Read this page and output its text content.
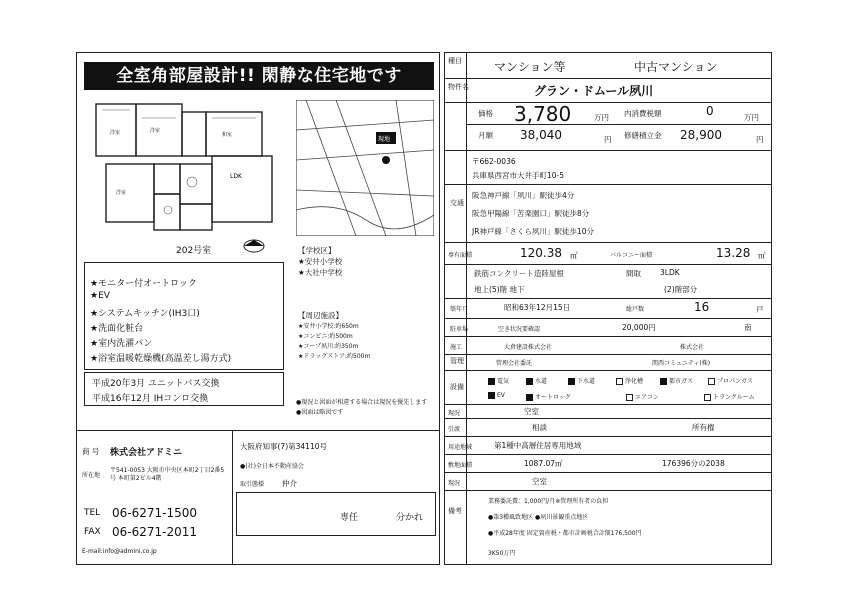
全室角部屋設計!! 閑静な住宅地です
LDK
洋室	洋室
和室
洋室
202号室
現地
【学校区】
★安井小学校
★大社中学校
【周辺施設】
★安井小学校:約650m
★コンビニ:約500m
★コープ夙川:約350m
★ドラッグストア:約500m
★モニター付オートロック
★EV
★システムキッチン(IH3口)
★洗面化粧台
★室内洗濯パン
★浴室温暖乾燥機(高温差し湯方式)
平成20年3月 ユニットバス交換
平成16年12月 IHコンロ交換	●現況と図面が相違する場合は現況を優先します
●図面は略図です
商 号 株式会社アドミニ
所在地
〒541-0053 大阪市中央区本町2丁目2番5号 本町第2ビル4階
TEL 06-6271-1500
FAX 06-6271-2011
E-mail:info@admini.co.jp
大阪府知事(7)第34110号
●(社)全日本不動産協会
取引態様 仲介
専任	分かれ
種目	マンション等	中古マンション
物件名	グラン・ドムール夙川
価格 3,780	万円 内消費税額	0	万円
月額 38,040	円 修繕積立金 28,900	円
〒662-0036
兵庫県西宮市大井手町10-5
交通
阪急神戸線「夙川」駅徒歩4分
阪急甲陽線「苦楽園口」駅徒歩8分
JR神戸線「さくら夙川」駅徒歩10分
専有面積	120.38 ㎡	バルコニー面積	13.28 ㎡
鉄筋コンクリート造陸屋根	間取	3LDK
地上(5)階 地下	(2)階部分
築年月	昭和63年12月15日	総戸数	16	戸
駐車場	空き状況要確認	20,000円	南
施工	大倉建設株式会社	株式会社
管理	管理会社委託	関西コミュニティ(株)
設備
電気	水道	下水道	浄化槽	都市ガス	プロパンガス
EV	オートロック	エアコン	トランクルーム
現況	空室
引渡	相談	所有権
用途地域	第1種中高層住居専用地域
敷地面積	1087.07㎡	176396分の2038
現況	空室
備考
業務委託費：1,000円/月※管理所有者の負担
●第3種風致地区 ●夙川景観重点地区
●平成28年度 固定資産税・都市計画税合計額176,500円
3K50万円
